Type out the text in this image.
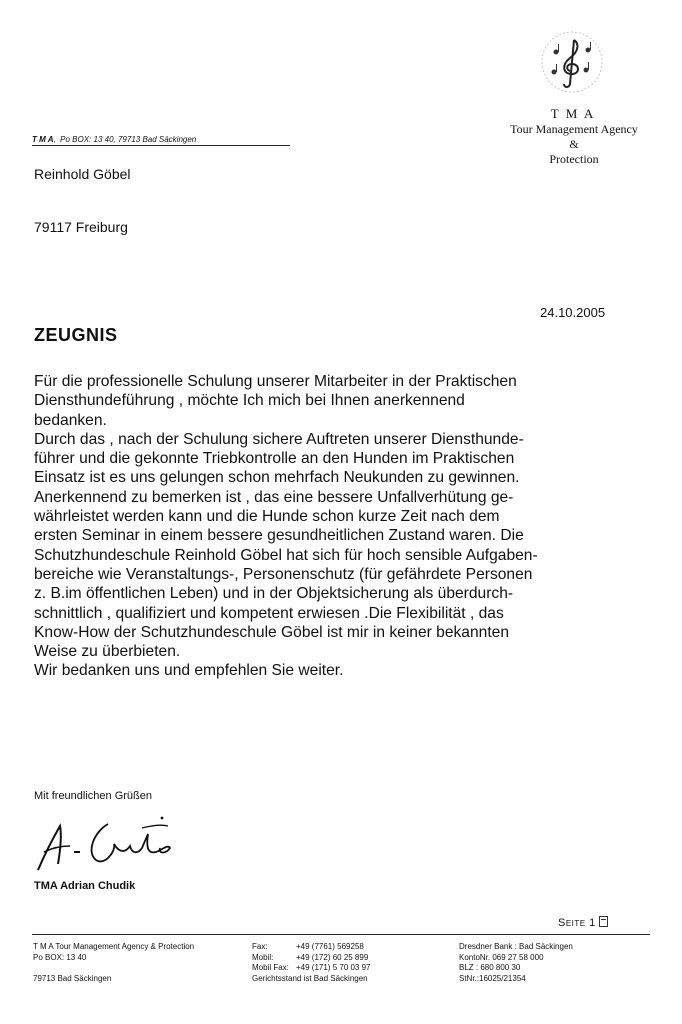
T M A
Tour Management Agency
&
Protection
T M A,  Po BOX: 13 40, 79713 Bad Säckingen
Reinhold Göbel
79117 Freiburg
24.10.2005
ZEUGNIS
Für die professionelle Schulung unserer Mitarbeiter in der Praktischen
Diensthundeführung , möchte Ich mich bei Ihnen anerkennend
bedanken.
Durch das , nach der Schulung sichere Auftreten unserer Diensthunde-
führer und die gekonnte Triebkontrolle an den Hunden im Praktischen
Einsatz ist es uns gelungen schon mehrfach Neukunden zu gewinnen.
Anerkennend zu bemerken ist , das eine bessere Unfallverhütung ge-
währleistet werden kann und die Hunde schon kurze Zeit nach dem
ersten Seminar in einem bessere gesundheitlichen Zustand waren. Die
Schutzhundeschule Reinhold Göbel hat sich für hoch sensible Aufgaben-
bereiche wie Veranstaltungs-, Personenschutz (für gefährdete Personen
z. B.im öffentlichen Leben) und in der Objektsicherung als überdurch-
schnittlich , qualifiziert und kompetent erwiesen .Die Flexibilität , das
Know-How der Schutzhundeschule Göbel ist mir in keiner bekannten
Weise zu überbieten.
Wir bedanken uns und empfehlen Sie weiter.
Mit freundlichen Grüßen
TMA Adrian Chudik
Seite 1
T M A Tour Management Agency & Protection
Po BOX: 13 40
79713 Bad Säckingen
Fax:	+49 (7761) 569258
Mobil:	+49 (172) 60 25 899
Mobil Fax: +49 (171) 5 70 03 97
Gerichtsstand ist Bad Säckingen
Dresdner Bank : Bad Säckingen
KontoNr. 069 27 58 000
BLZ : 680 800 30
StNr.:16025/21354
